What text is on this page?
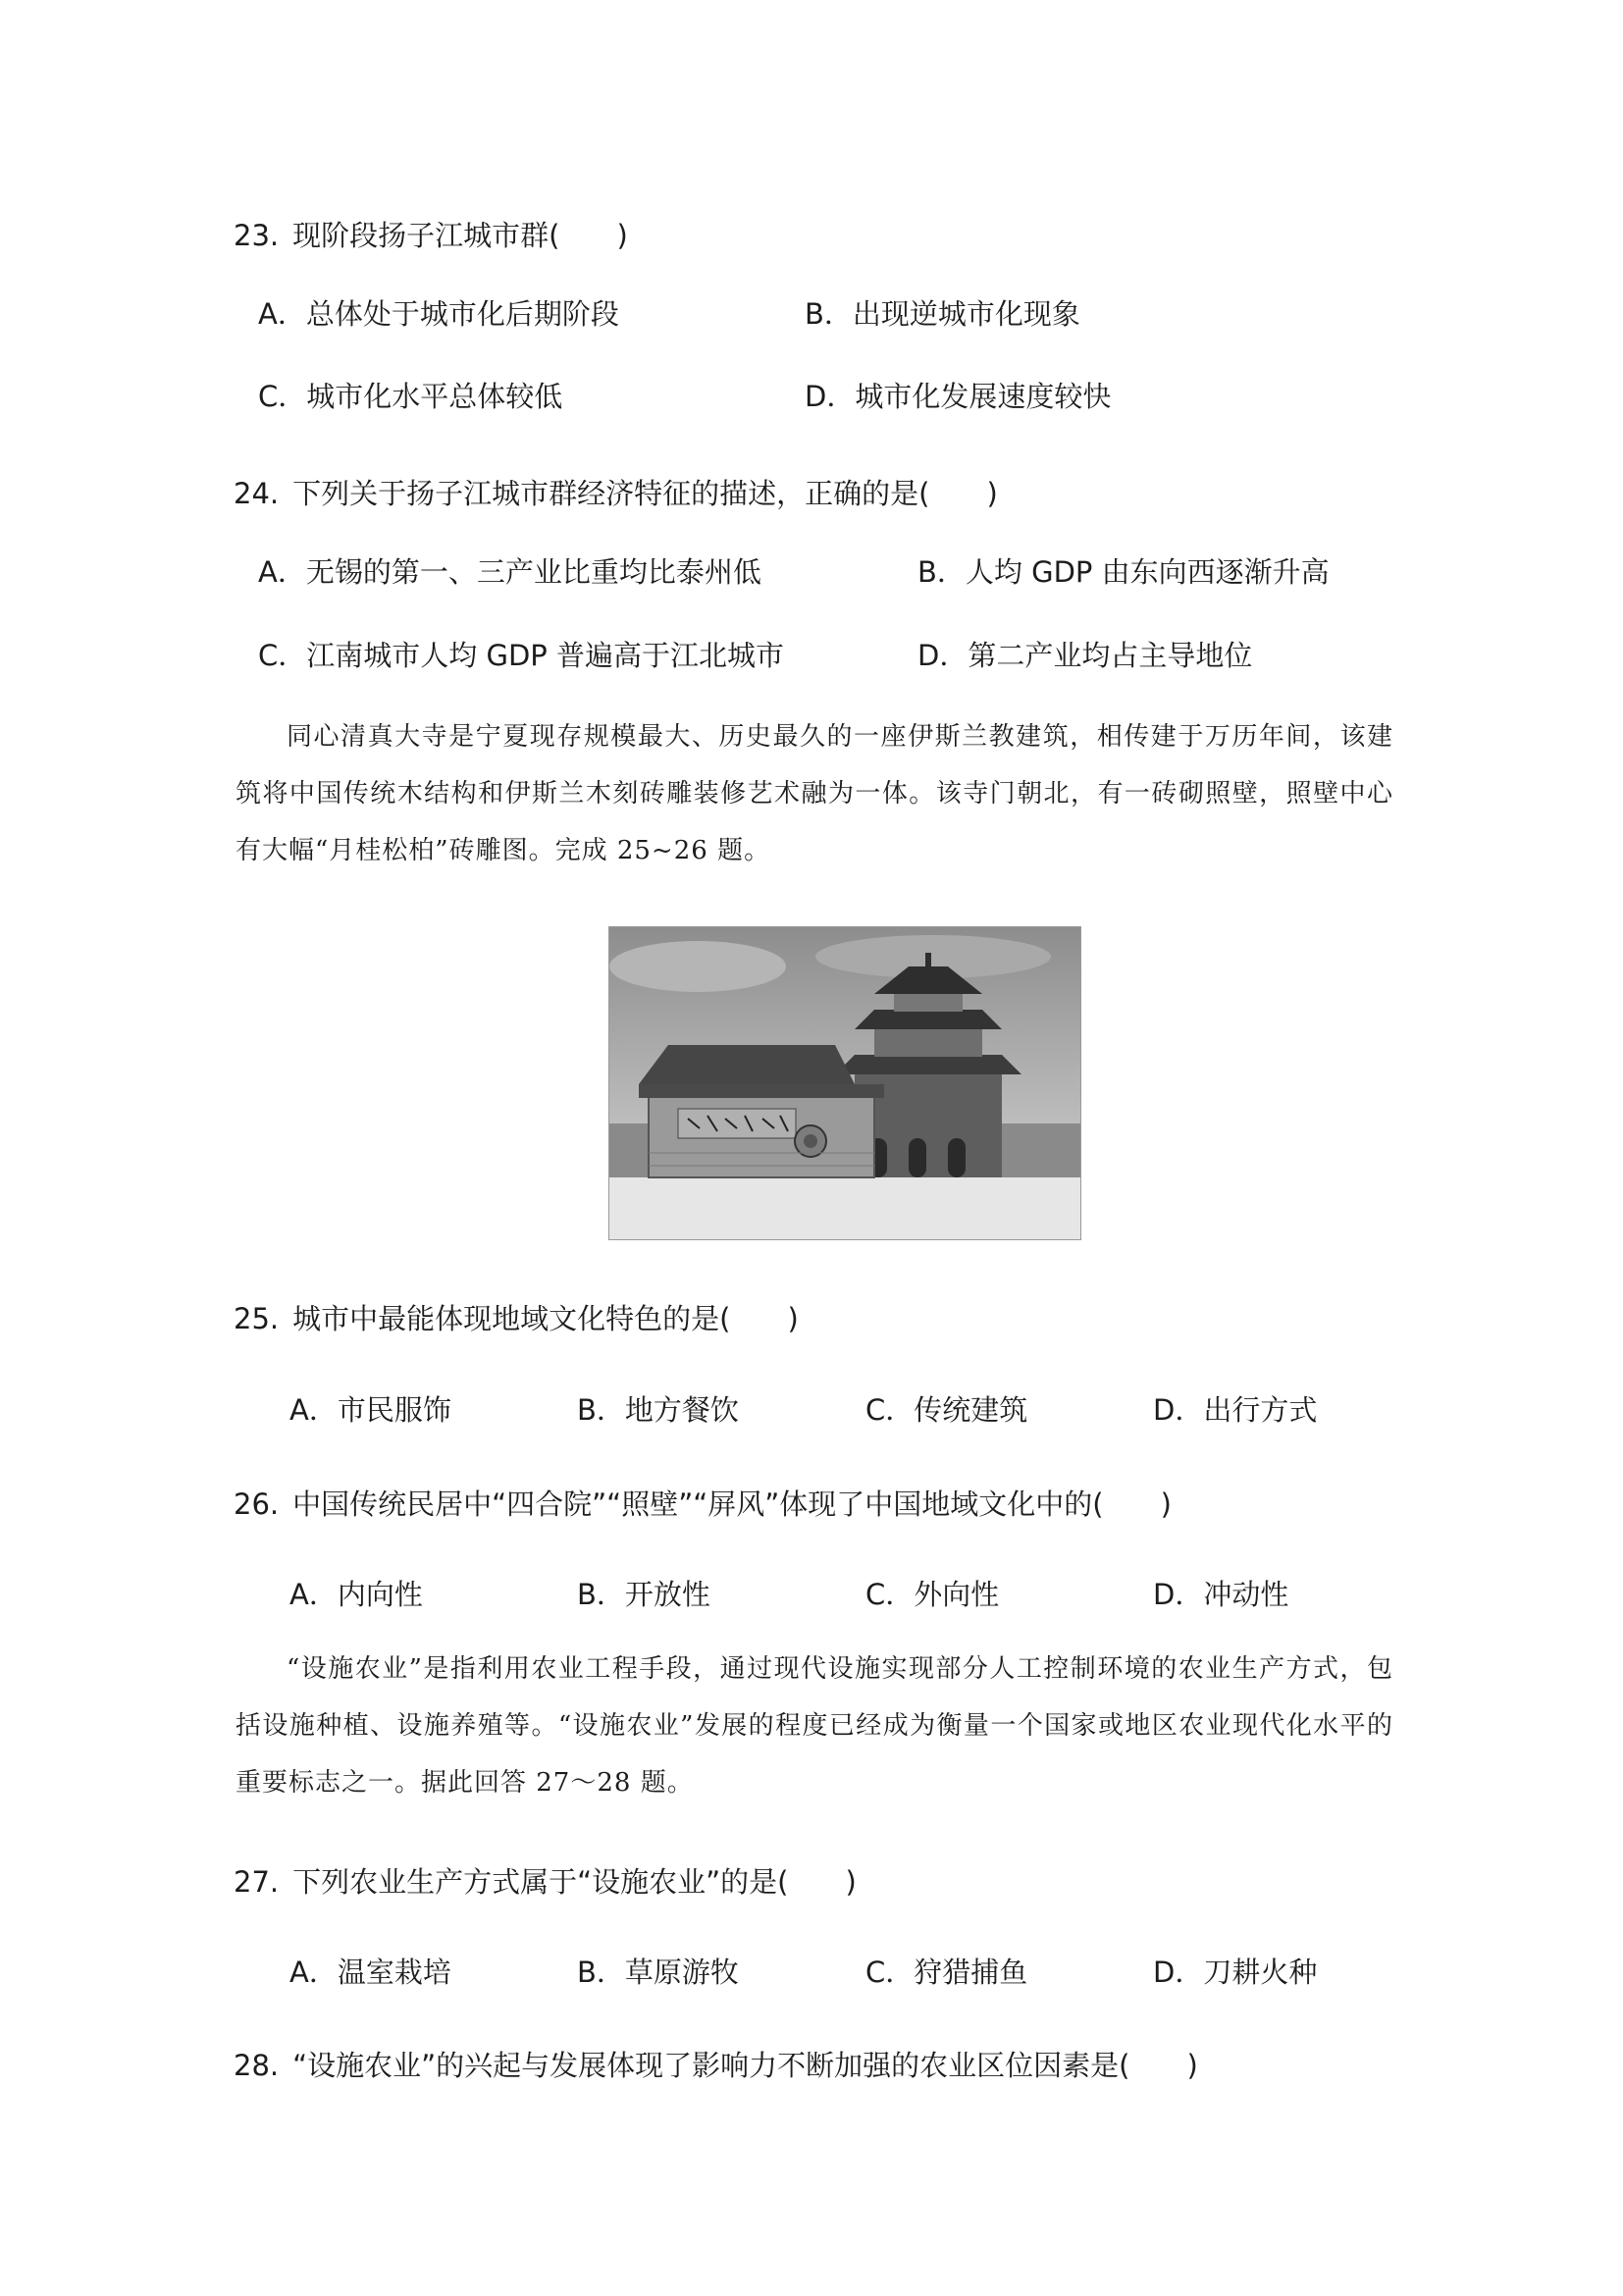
23. 现阶段扬子江城市群(　　)
A．总体处于城市化后期阶段	B．出现逆城市化现象
C．城市化水平总体较低	D．城市化发展速度较快
24. 下列关于扬子江城市群经济特征的描述，正确的是(　　)
A．无锡的第一、三产业比重均比泰州低	B．人均 GDP 由东向西逐渐升高
C．江南城市人均 GDP 普遍高于江北城市	D．第二产业均占主导地位
同心清真大寺是宁夏现存规模最大、历史最久的一座伊斯兰教建筑，相传建于万历年间，该建筑将中国传统木结构和伊斯兰木刻砖雕装修艺术融为一体。该寺门朝北，有一砖砌照壁，照壁中心有大幅“月桂松柏”砖雕图。完成 25~26 题。
25. 城市中最能体现地域文化特色的是(　　)
A．市民服饰	B．地方餐饮	C．传统建筑	D．出行方式
26. 中国传统民居中“四合院”“照壁”“屏风”体现了中国地域文化中的(　　)
A．内向性	B．开放性	C．外向性	D．冲动性
“设施农业”是指利用农业工程手段，通过现代设施实现部分人工控制环境的农业生产方式，包括设施种植、设施养殖等。“设施农业”发展的程度已经成为衡量一个国家或地区农业现代化水平的重要标志之一。据此回答 27～28 题。
27. 下列农业生产方式属于“设施农业”的是(　　)
A．温室栽培	B．草原游牧	C．狩猎捕鱼	D．刀耕火种
28. “设施农业”的兴起与发展体现了影响力不断加强的农业区位因素是(　　)
